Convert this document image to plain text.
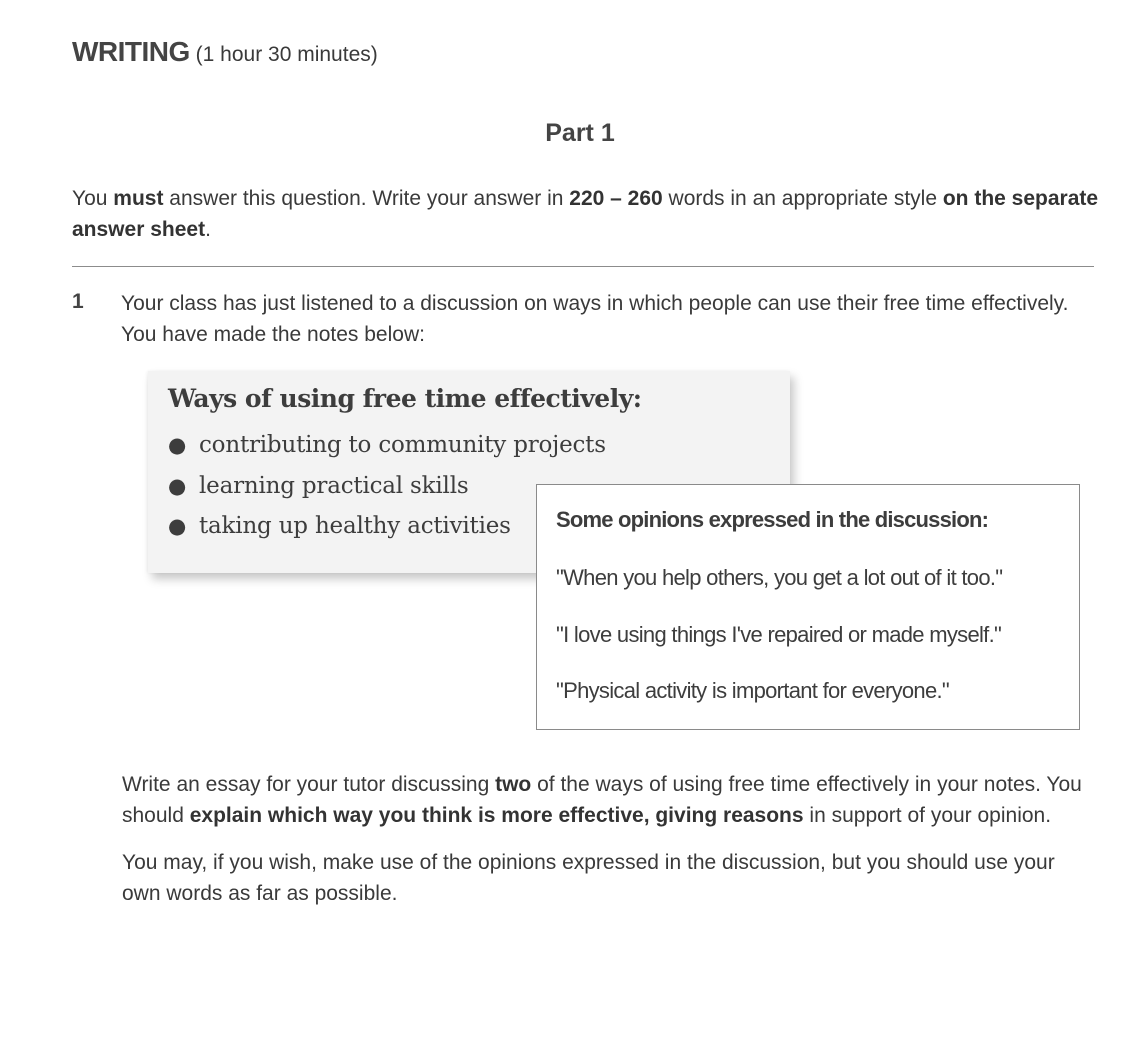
WRITING (1 hour 30 minutes)
Part 1
You must answer this question. Write your answer in 220 – 260 words in an appropriate style on the separate answer sheet.
1 Your class has just listened to a discussion on ways in which people can use their free time effectively. You have made the notes below:
Ways of using free time effectively:
● contributing to community projects
● learning practical skills
● taking up healthy activities	Some opinions expressed in the discussion:
"When you help others, you get a lot out of it too."
"I love using things I've repaired or made myself."
"Physical activity is important for everyone."

Write an essay for your tutor discussing two of the ways of using free time effectively in your notes. You should explain which way you think is more effective, giving reasons in support of your opinion.

You may, if you wish, make use of the opinions expressed in the discussion, but you should use your own words as far as possible.
